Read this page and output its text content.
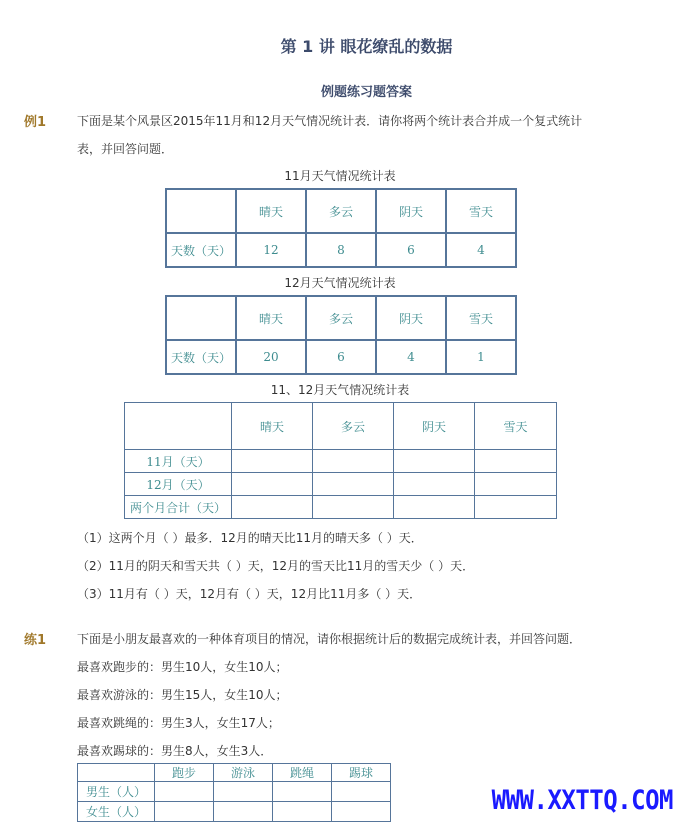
第 1 讲 眼花缭乱的数据
例题练习题答案
例1	下面是某个风景区2015年11月和12月天气情况统计表．请你将两个统计表合并成一个复式统计
表，并回答问题．
11月天气情况统计表
	晴天	多云	阴天	雪天
天数（天）	12	8	6	4
12月天气情况统计表
	晴天	多云	阴天	雪天
天数（天）	20	6	4	1
11、12月天气情况统计表
	晴天	多云	阴天	雪天
11月（天）				
12月（天）				
两个月合计（天）				
（1）这两个月（ ）最多．12月的晴天比11月的晴天多（ ）天．
（2）11月的阴天和雪天共（ ）天，12月的雪天比11月的雪天少（ ）天．
（3）11月有（ ）天，12月有（ ）天，12月比11月多（ ）天．
练1	下面是小朋友最喜欢的一种体育项目的情况，请你根据统计后的数据完成统计表，并回答问题．
最喜欢跑步的：男生10人，女生10人；
最喜欢游泳的：男生15人，女生10人；
最喜欢跳绳的：男生3人，女生17人；
最喜欢踢球的：男生8人，女生3人．
	跑步	游泳	跳绳	踢球
男生（人）				
女生（人）					WWW.XXTTQ.COM
